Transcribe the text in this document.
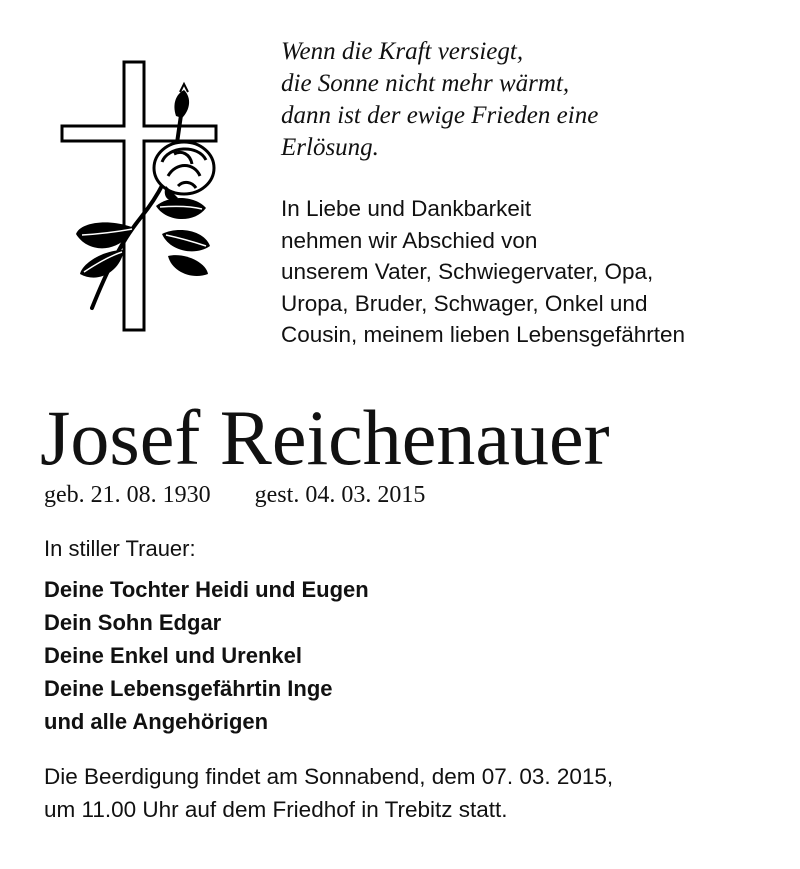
Wenn die Kraft versiegt,
die Sonne nicht mehr wärmt,
dann ist der ewige Frieden eine
Erlösung.
In Liebe und Dankbarkeit
nehmen wir Abschied von
unserem Vater, Schwiegervater, Opa,
Uropa, Bruder, Schwager, Onkel und
Cousin, meinem lieben Lebensgefährten
Josef Reichenauer
geb. 21. 08. 1930 gest. 04. 03. 2015
In stiller Trauer:
Deine Tochter Heidi und Eugen
Dein Sohn Edgar
Deine Enkel und Urenkel
Deine Lebensgefährtin Inge
und alle Angehörigen
Die Beerdigung findet am Sonnabend, dem 07. 03. 2015,
um 11.00 Uhr auf dem Friedhof in Trebitz statt.
